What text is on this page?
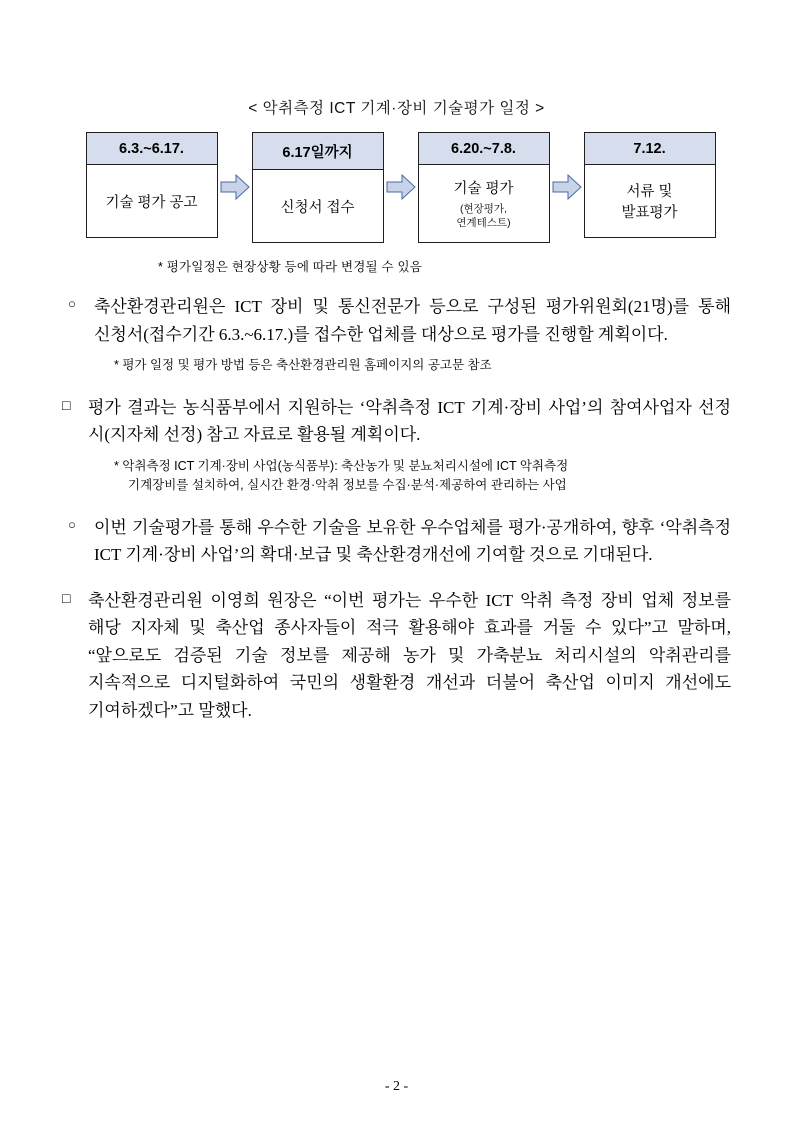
< 악취측정 ICT 기계·장비 기술평가 일정 >
6.3.~6.17.
기술 평가 공고
6.17일까지
신청서 접수
6.20.~7.8.
기술 평가
(현장평가,
연계테스트)
7.12.
서류 및
발표평가
* 평가일정은 현장상황 등에 따라 변경될 수 있음
○	축산환경관리원은 ICT 장비 및 통신전문가 등으로 구성된 평가위원회(21명)를 통해 신청서(접수기간 6.3.~6.17.)를 접수한 업체를 대상으로 평가를 진행할 계획이다.
* 평가 일정 및 평가 방법 등은 축산환경관리원 홈페이지의 공고문 참조
□	평가 결과는 농식품부에서 지원하는 ‘악취측정 ICT 기계·장비 사업’의 참여사업자 선정 시(지자체 선정) 참고 자료로 활용될 계획이다.
* 악취측정 ICT 기계·장비 사업(농식품부): 축산농가 및 분뇨처리시설에 ICT 악취측정
기계장비를 설치하여, 실시간 환경·악취 정보를 수집·분석·제공하여 관리하는 사업
○	이번 기술평가를 통해 우수한 기술을 보유한 우수업체를 평가·공개하여, 향후 ‘악취측정 ICT 기계·장비 사업’의 확대·보급 및 축산환경개선에 기여할 것으로 기대된다.
□	축산환경관리원 이영희 원장은 “이번 평가는 우수한 ICT 악취 측정 장비 업체 정보를 해당 지자체 및 축산업 종사자들이 적극 활용해야 효과를 거둘 수 있다”고 말하며, “앞으로도 검증된 기술 정보를 제공해 농가 및 가축분뇨 처리시설의 악취관리를 지속적으로 디지털화하여 국민의 생활환경 개선과 더불어 축산업 이미지 개선에도 기여하겠다”고 말했다.
- 2 -
